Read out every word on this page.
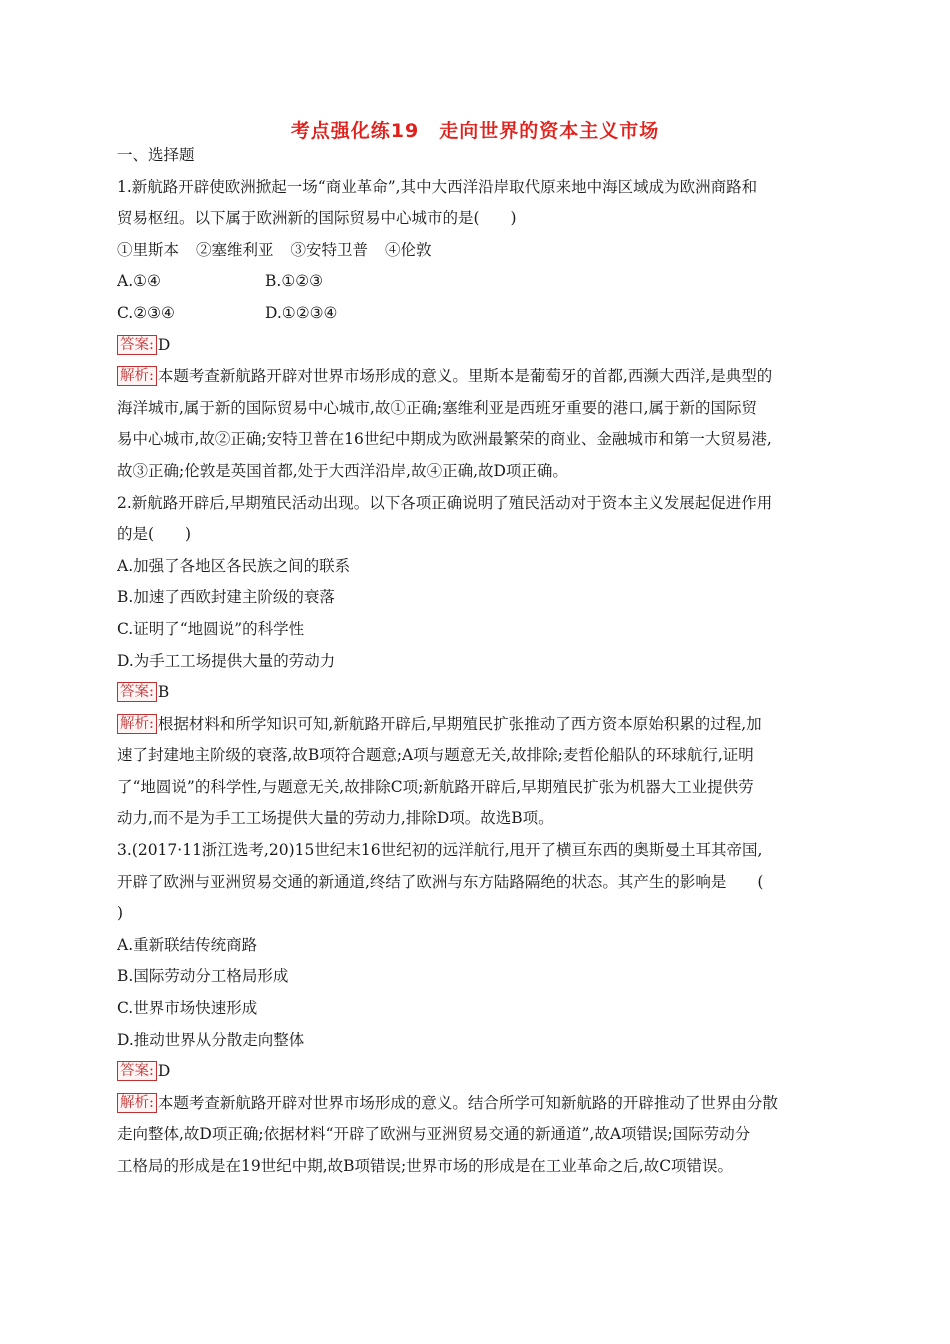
考点强化练19　走向世界的资本主义市场
一、选择题
1.新航路开辟使欧洲掀起一场“商业革命”,其中大西洋沿岸取代原来地中海区域成为欧洲商路和
贸易枢纽。以下属于欧洲新的国际贸易中心城市的是(　　)
①里斯本 ②塞维利亚 ③安特卫普 ④伦敦
A.①④	B.①②③
C.②③④	D.①②③④
答案: D
解析: 本题考查新航路开辟对世界市场形成的意义。里斯本是葡萄牙的首都,西濒大西洋,是典型的
海洋城市,属于新的国际贸易中心城市,故①正确;塞维利亚是西班牙重要的港口,属于新的国际贸
易中心城市,故②正确;安特卫普在16世纪中期成为欧洲最繁荣的商业、金融城市和第一大贸易港,
故③正确;伦敦是英国首都,处于大西洋沿岸,故④正确,故D项正确。
2.新航路开辟后,早期殖民活动出现。以下各项正确说明了殖民活动对于资本主义发展起促进作用
的是(　　)
A.加强了各地区各民族之间的联系
B.加速了西欧封建主阶级的衰落
C.证明了“地圆说”的科学性
D.为手工工场提供大量的劳动力
答案: B
解析: 根据材料和所学知识可知,新航路开辟后,早期殖民扩张推动了西方资本原始积累的过程,加
速了封建地主阶级的衰落,故B项符合题意;A项与题意无关,故排除;麦哲伦船队的环球航行,证明
了“地圆说”的科学性,与题意无关,故排除C项;新航路开辟后,早期殖民扩张为机器大工业提供劳
动力,而不是为手工工场提供大量的劳动力,排除D项。故选B项。
3.(2017·11浙江选考,20)15世纪末16世纪初的远洋航行,甩开了横亘东西的奥斯曼土耳其帝国,
开辟了欧洲与亚洲贸易交通的新通道,终结了欧洲与东方陆路隔绝的状态。其产生的影响是　　(
)
A.重新联结传统商路
B.国际劳动分工格局形成
C.世界市场快速形成
D.推动世界从分散走向整体
答案: D
解析: 本题考查新航路开辟对世界市场形成的意义。结合所学可知新航路的开辟推动了世界由分散
走向整体,故D项正确;依据材料“开辟了欧洲与亚洲贸易交通的新通道”,故A项错误;国际劳动分
工格局的形成是在19世纪中期,故B项错误;世界市场的形成是在工业革命之后,故C项错误。
